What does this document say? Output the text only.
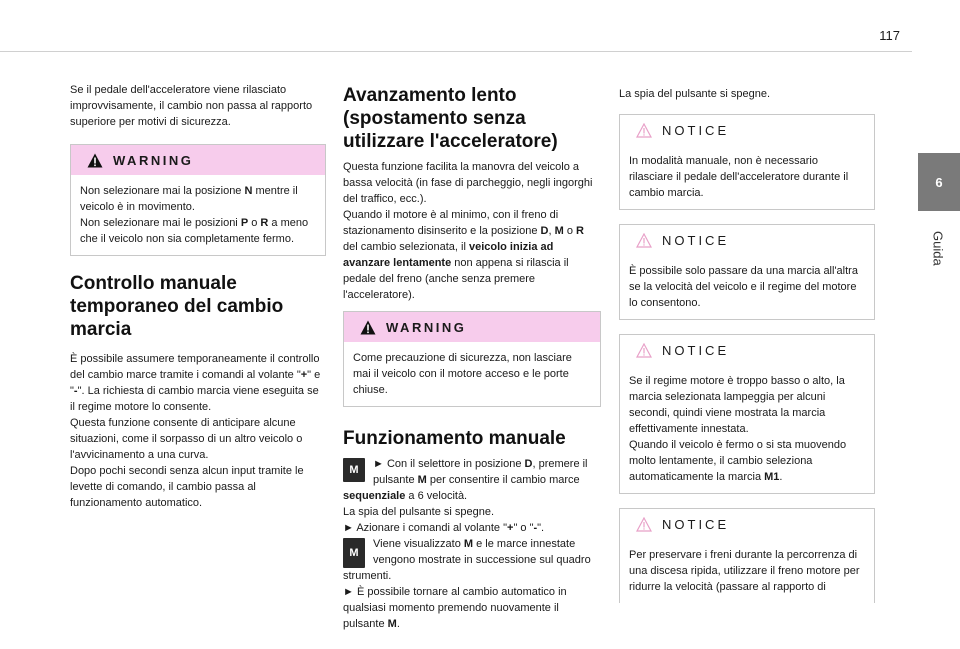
117
6
Guida

Se il pedale dell'acceleratore viene rilasciato improvvisamente, il cambio non passa al rapporto superiore per motivi di sicurezza.

WARNING

Non selezionare mai la posizione N mentre il veicolo è in movimento.
Non selezionare mai le posizioni P o R a meno che il veicolo non sia completamente fermo.

Controllo manuale temporaneo del cambio marcia

È possibile assumere temporaneamente il controllo del cambio marce tramite i comandi al volante "+" e "-". La richiesta di cambio marcia viene eseguita se il regime motore lo consente.
Questa funzione consente di anticipare alcune situazioni, come il sorpasso di un altro veicolo o l'avvicinamento a una curva.
Dopo pochi secondi senza alcun input tramite le levette di comando, il cambio passa al funzionamento automatico.

Avanzamento lento (spostamento senza utilizzare l'acceleratore)

Questa funzione facilita la manovra del veicolo a bassa velocità (in fase di parcheggio, negli ingorghi del traffico, ecc.).
Quando il motore è al minimo, con il freno di stazionamento disinserito e la posizione D, M o R del cambio selezionata, il veicolo inizia ad avanzare lentamente non appena si rilascia il pedale del freno (anche senza premere l'acceleratore).

WARNING

Come precauzione di sicurezza, non lasciare mai il veicolo con il motore acceso e le porte chiuse.

Funzionamento manuale
M	► Con il selettore in posizione D, premere il pulsante M per consentire il cambio marce sequenziale a 6 velocità.
La spia del pulsante si spegne.
► Azionare i comandi al volante "+" o "-".

M
Viene visualizzato M e le marce innestate vengono mostrate in successione sul quadro strumenti.
► È possibile tornare al cambio automatico in qualsiasi momento premendo nuovamente il pulsante M.

La spia del pulsante si spegne.

NOTICE

In modalità manuale, non è necessario rilasciare il pedale dell'acceleratore durante il cambio marcia.

NOTICE

È possibile solo passare da una marcia all'altra se la velocità del veicolo e il regime del motore lo consentono.

NOTICE

Se il regime motore è troppo basso o alto, la marcia selezionata lampeggia per alcuni secondi, quindi viene mostrata la marcia effettivamente innestata.
Quando il veicolo è fermo o si sta muovendo molto lentamente, il cambio seleziona automaticamente la marcia M1.

NOTICE

Per preservare i freni durante la percorrenza di una discesa ripida, utilizzare il freno motore per ridurre la velocità (passare al rapporto di
